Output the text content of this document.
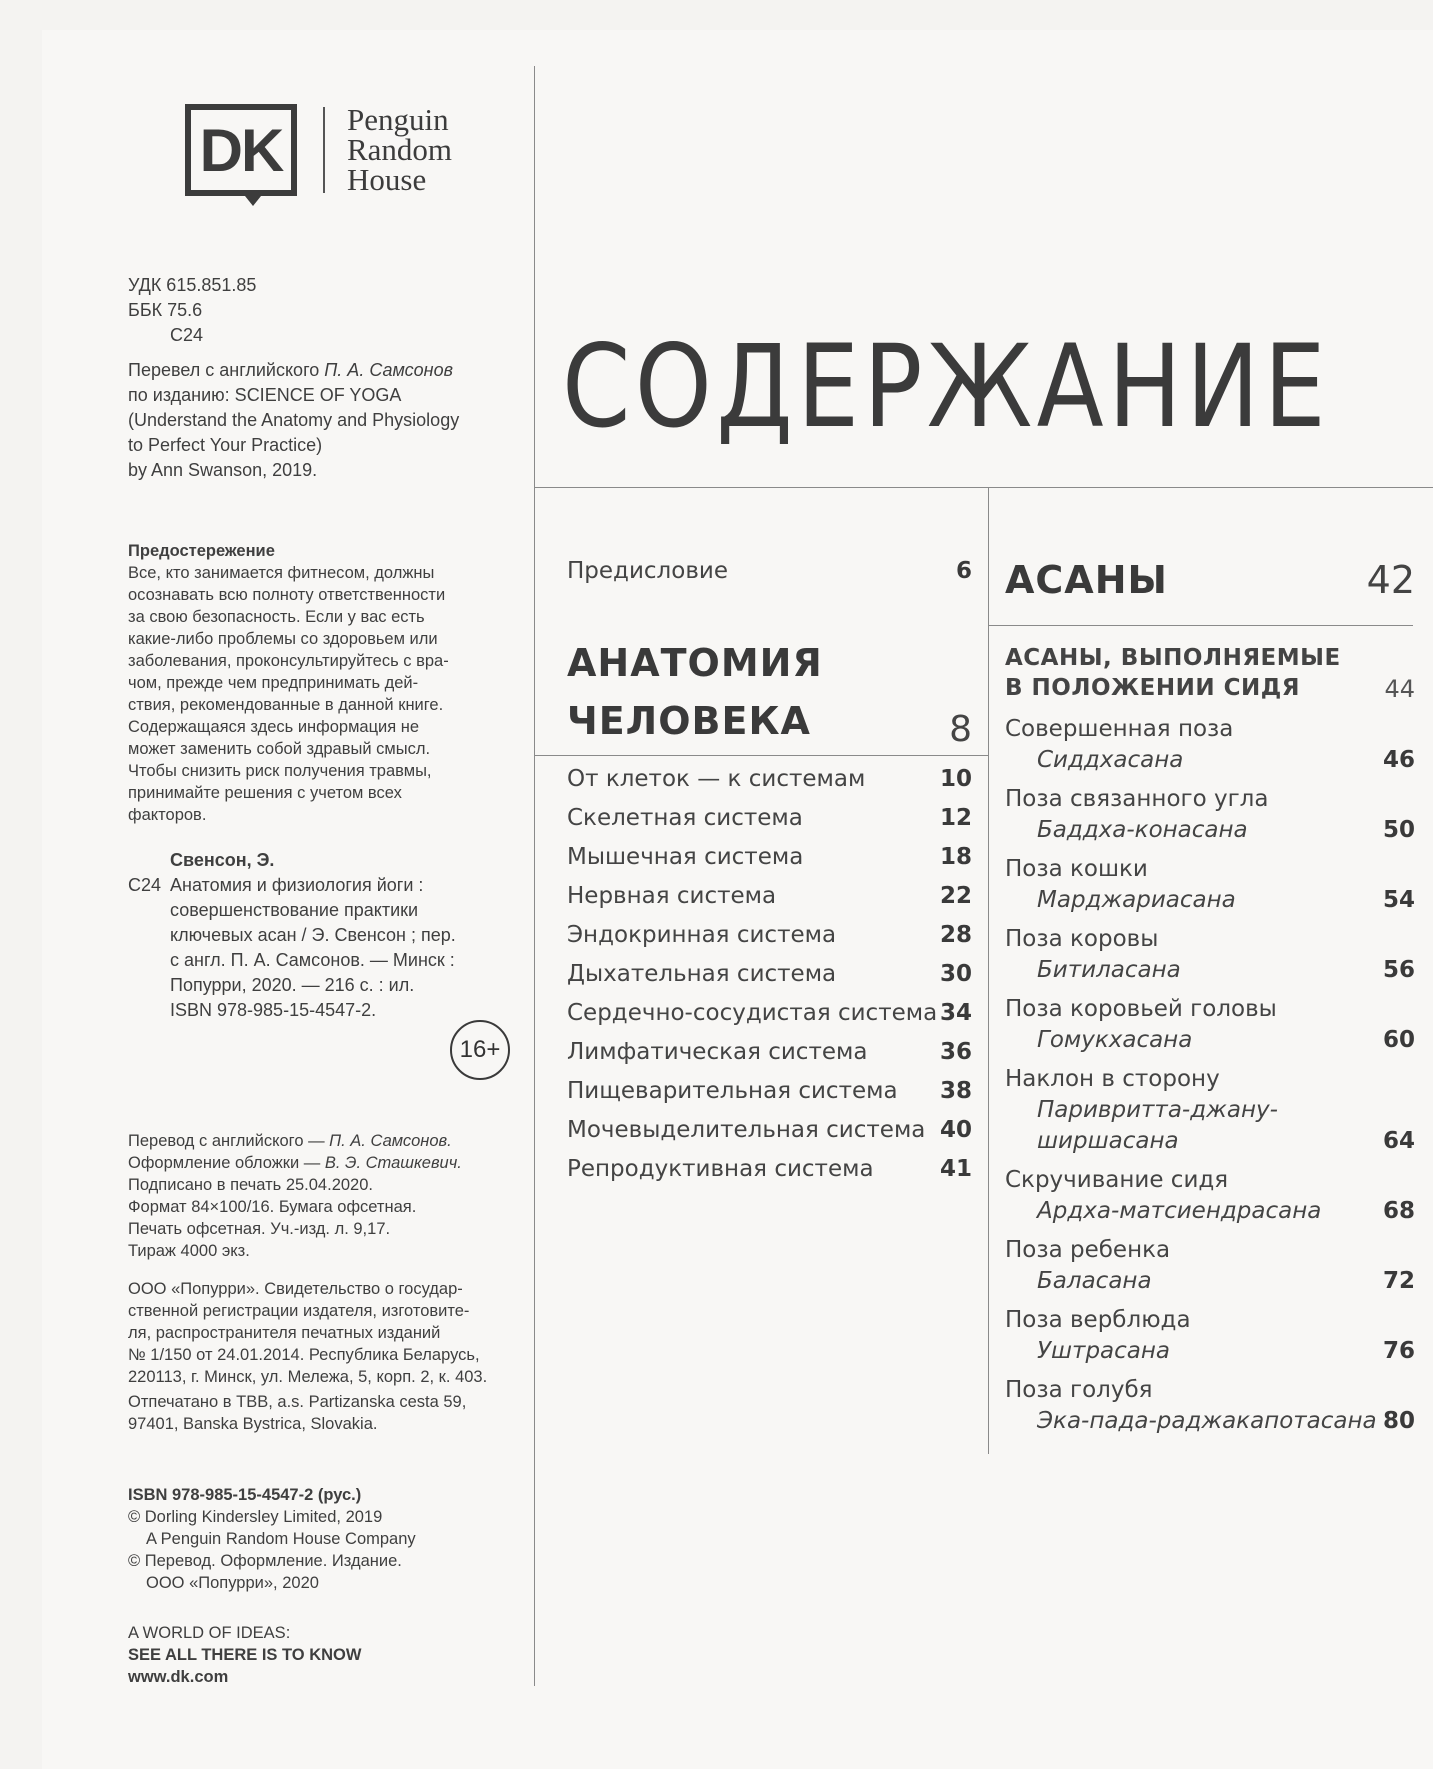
DK	Penguin
Random
House
УДК 615.851.85
ББК 75.6
С24
Перевел с английского П. А. Самсонов
по изданию: SCIENCE OF YOGA
(Understand the Anatomy and Physiology
to Perfect Your Practice)
by Ann Swanson, 2019.
Предостережение
Все, кто занимается фитнесом, должны
осознавать всю полноту ответственности
за свою безопасность. Если у вас есть
какие-либо проблемы со здоровьем или
заболевания, проконсультируйтесь с вра-
чом, прежде чем предпринимать дей-
ствия, рекомендованные в данной книге.
Содержащаяся здесь информация не
может заменить собой здравый смысл.
Чтобы снизить риск получения травмы,
принимайте решения с учетом всех
факторов.
Свенсон, Э.
С24 Анатомия и физиология йоги :
совершенствование практики
ключевых асан / Э. Свенсон ; пер.
с англ. П. А. Самсонов. — Минск :
Попурри, 2020. — 216 с. : ил.
ISBN 978-985-15-4547-2.
16+
Перевод с английского — П. А. Самсонов.
Оформление обложки — В. Э. Сташкевич.
Подписано в печать 25.04.2020.
Формат 84×100/16. Бумага офсетная.
Печать офсетная. Уч.-изд. л. 9,17.
Тираж 4000 экз.
ООО «Попурри». Свидетельство о государ-
ственной регистрации издателя, изготовите-
ля, распространителя печатных изданий
№ 1/150 от 24.01.2014. Республика Беларусь,
220113, г. Минск, ул. Мележа, 5, корп. 2, к. 403.
Отпечатано в TBB, a.s. Partizanska cesta 59,
97401, Banska Bystrica, Slovakia.
ISBN 978-985-15-4547-2 (рус.)
© Dorling Kindersley Limited, 2019
A Penguin Random House Company
© Перевод. Оформление. Издание.
ООО «Попурри», 2020
A WORLD OF IDEAS:
SEE ALL THERE IS TO KNOW
www.dk.com
СОДЕРЖАНИЕ
Предисловие	6
АНАТОМИЯ
ЧЕЛОВЕКА	8
От клеток — к системам	10
Скелетная система	12
Мышечная система	18
Нервная система	22
Эндокринная система	28
Дыхательная система	30
Сердечно-сосудистая система 34
Лимфатическая система	36
Пищеварительная система 38
Мочевыделительная система 40
Репродуктивная система	41
АСАНЫ	42
АСАНЫ, ВЫПОЛНЯЕМЫЕ
В ПОЛОЖЕНИИ СИДЯ	44
Совершенная поза
Сиддхасана	46
Поза связанного угла
Баддха-конасана	50
Поза кошки
Марджариасана	54
Поза коровы
Битиласана	56
Поза коровьей головы
Гомукхасана	60
Наклон в сторону
Паривритта-джану-
ширшасана	64
Скручивание сидя
Ардха-матсиендрасана	68
Поза ребенка
Баласана	72
Поза верблюда
Уштрасана	76
Поза голубя
Эка-пада-раджакапотасана 80
